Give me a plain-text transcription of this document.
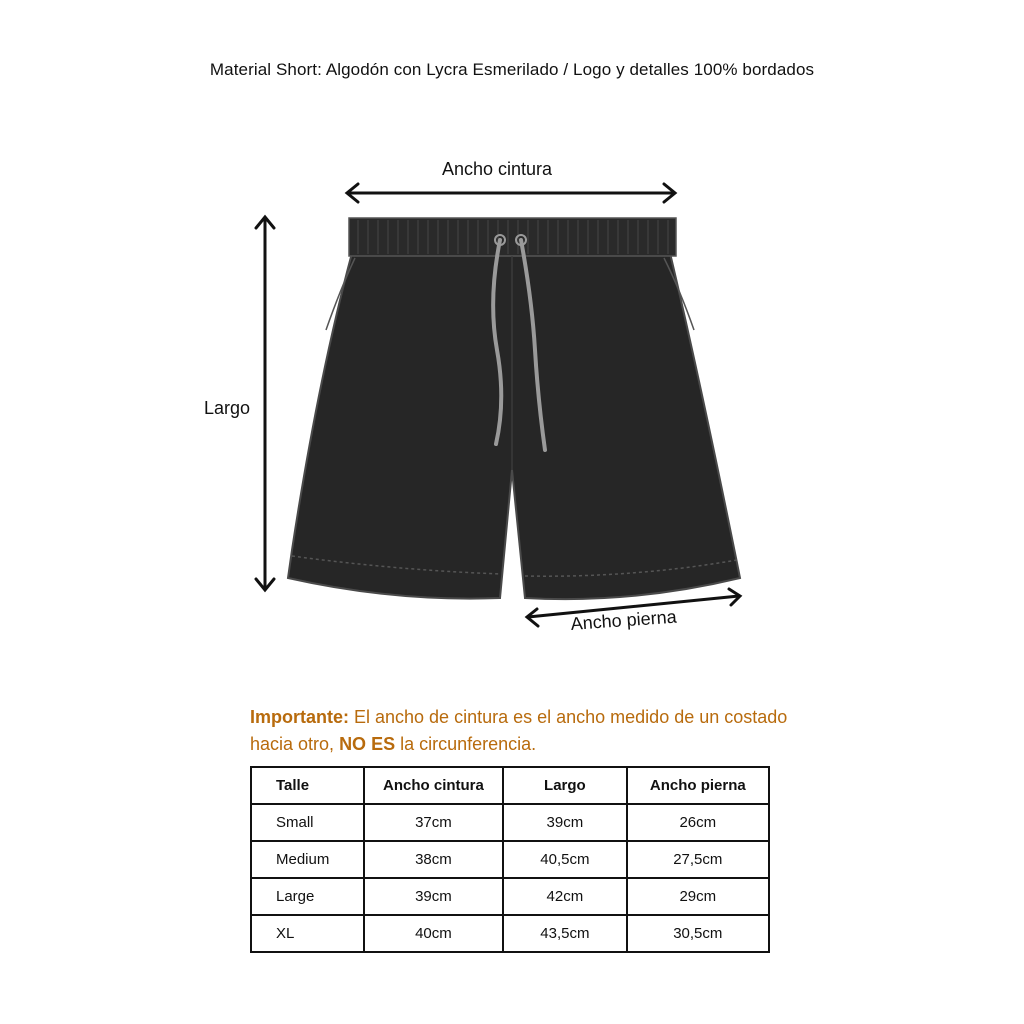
Material Short: Algodón con Lycra Esmerilado / Logo y detalles 100% bordados
Ancho cintura
Largo
Ancho pierna
Importante: El ancho de cintura es el ancho medido de un costado hacia otro, NO ES la circunferencia.
Talle	Ancho cintura	Largo	Ancho pierna
Small	37cm	39cm	26cm
Medium	38cm	40,5cm	27,5cm
Large	39cm	42cm	29cm
XL	40cm	43,5cm	30,5cm
